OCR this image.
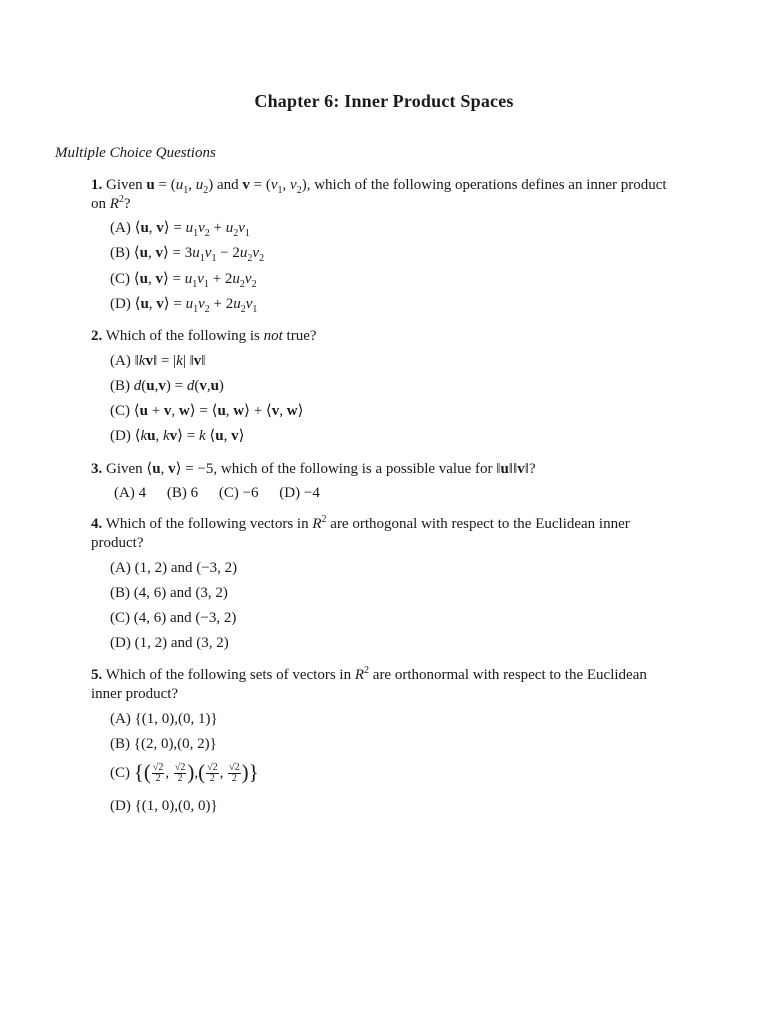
Chapter 6: Inner Product Spaces
Multiple Choice Questions
1. Given $u = (u_1$, $u_2$) and $v = (v_1$, $v_2$), which of the following operations defines an inner product on $R^2$?
(A) ⟨u, v⟩ = $u_1v_2 + u_2v_1$
(B) ⟨u, v⟩ = $3u_1v_1 - 2u_2v_2$
(C) ⟨u, v⟩ = $u_1v_1 + 2u_2v_2$
(D) ⟨u, v⟩ = $u_1v_2 + 2u_2v_1$
2. Which of the following is not true?
(A) ‖kv‖ = |k| ‖v‖
(B) d(u,v) = d(v,u)
(C) ⟨u + v, w⟩ = ⟨u, w⟩ + ⟨v, w⟩
(D) ⟨ku, kv⟩ = k ⟨u, v⟩
3. Given ⟨u, v⟩ = −5, which of the following is a possible value for ‖u‖‖v‖?
(A) 4 (B) 6 (C) −6 (D) −4
4. Which of the following vectors in $R^2$ are orthogonal with respect to the Euclidean inner product?
(A) (1, 2) and (−3, 2)
(B) (4, 6) and (3, 2)
(C) (4, 6) and (−3, 2)
(D) (1, 2) and (3, 2)
5. Which of the following sets of vectors in $R^2$ are orthonormal with respect to the Euclidean inner product?
(A) {(1, 0),(0, 1)}
(B) {(2, 0),(0, 2)}
(C) {( $\frac{√2}{2}$ , $\frac{√2}{2}$ ),( $\frac{√2}{2}$ , $\frac{√2}{2}$ )}
(D) {(1, 0),(0, 0)}
